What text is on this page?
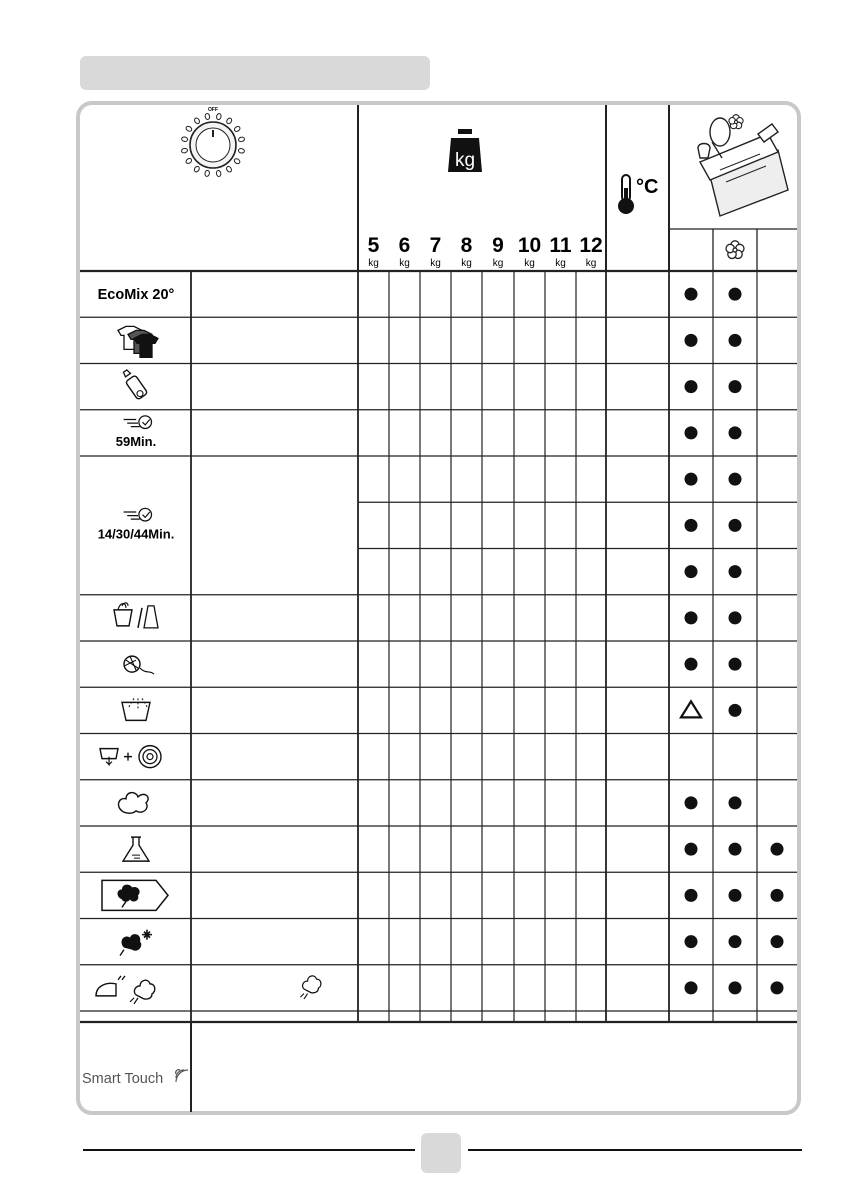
OFF
kg
°C
5
kg
6
kg
7
kg
8
kg
9
kg
10
kg
11
kg
12
kg
EcoMix 20°
59Min.
14/30/44Min.
Smart Touch
